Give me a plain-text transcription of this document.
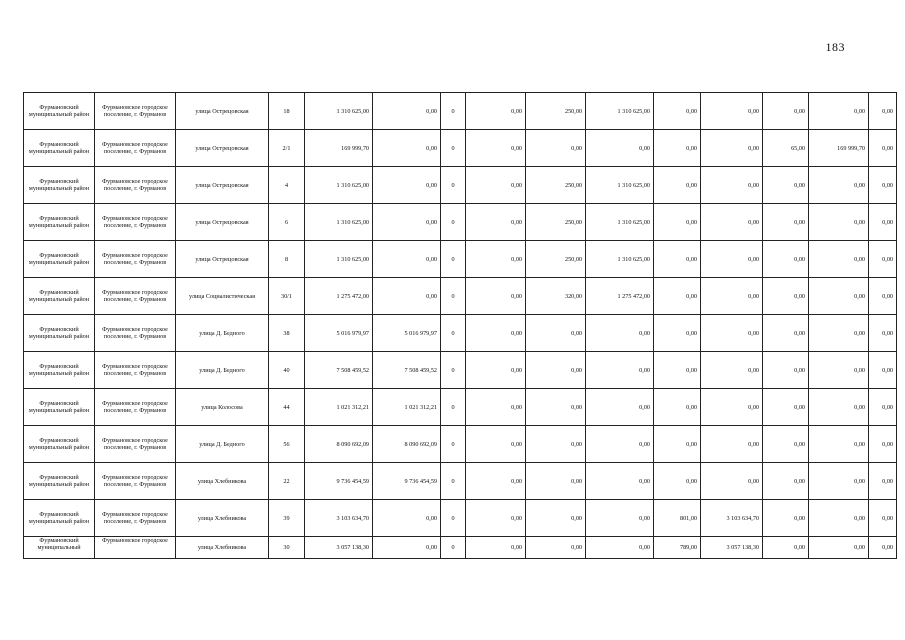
183
Фурмановский муниципальный район	Фурмановское городское поселение, г. Фурманов	улица Острецовская	18	1 310 625,00	0,00	0	0,00	250,00	1 310 625,00	0,00	0,00	0,00	0,00	0,00
Фурмановский муниципальный район	Фурмановское городское поселение, г. Фурманов	улица Острецовская	2/1	169 999,70	0,00	0	0,00	0,00	0,00	0,00	0,00	65,00	169 999,70	0,00
Фурмановский муниципальный район	Фурмановское городское поселение, г. Фурманов	улица Острецовская	4	1 310 625,00	0,00	0	0,00	250,00	1 310 625,00	0,00	0,00	0,00	0,00	0,00
Фурмановский муниципальный район	Фурмановское городское поселение, г. Фурманов	улица Острецовская	6	1 310 625,00	0,00	0	0,00	250,00	1 310 625,00	0,00	0,00	0,00	0,00	0,00
Фурмановский муниципальный район	Фурмановское городское поселение, г. Фурманов	улица Острецовская	8	1 310 625,00	0,00	0	0,00	250,00	1 310 625,00	0,00	0,00	0,00	0,00	0,00
Фурмановский муниципальный район	Фурмановское городское поселение, г. Фурманов	улица Социалистическая	30/1	1 275 472,00	0,00	0	0,00	320,00	1 275 472,00	0,00	0,00	0,00	0,00	0,00
Фурмановский муниципальный район	Фурмановское городское поселение, г. Фурманов	улица Д. Бедного	38	5 016 979,97	5 016 979,97	0	0,00	0,00	0,00	0,00	0,00	0,00	0,00	0,00
Фурмановский муниципальный район	Фурмановское городское поселение, г. Фурманов	улица Д. Бедного	40	7 508 459,52	7 508 459,52	0	0,00	0,00	0,00	0,00	0,00	0,00	0,00	0,00
Фурмановский муниципальный район	Фурмановское городское поселение, г. Фурманов	улица Колосова	44	1 021 312,21	1 021 312,21	0	0,00	0,00	0,00	0,00	0,00	0,00	0,00	0,00
Фурмановский муниципальный район	Фурмановское городское поселение, г. Фурманов	улица Д. Бедного	56	8 090 692,09	8 090 692,09	0	0,00	0,00	0,00	0,00	0,00	0,00	0,00	0,00
Фурмановский муниципальный район	Фурмановское городское поселение, г. Фурманов	улица Хлебникова	22	9 736 454,59	9 736 454,59	0	0,00	0,00	0,00	0,00	0,00	0,00	0,00	0,00
Фурмановский муниципальный район	Фурмановское городское поселение, г. Фурманов	улица Хлебникова	39	3 103 634,70	0,00	0	0,00	0,00	0,00	801,00	3 103 634,70	0,00	0,00	0,00
Фурмановский муниципальный	Фурмановское городское	улица Хлебникова	30	3 057 138,30	0,00	0	0,00	0,00	0,00	789,00	3 057 138,30	0,00	0,00	0,00
